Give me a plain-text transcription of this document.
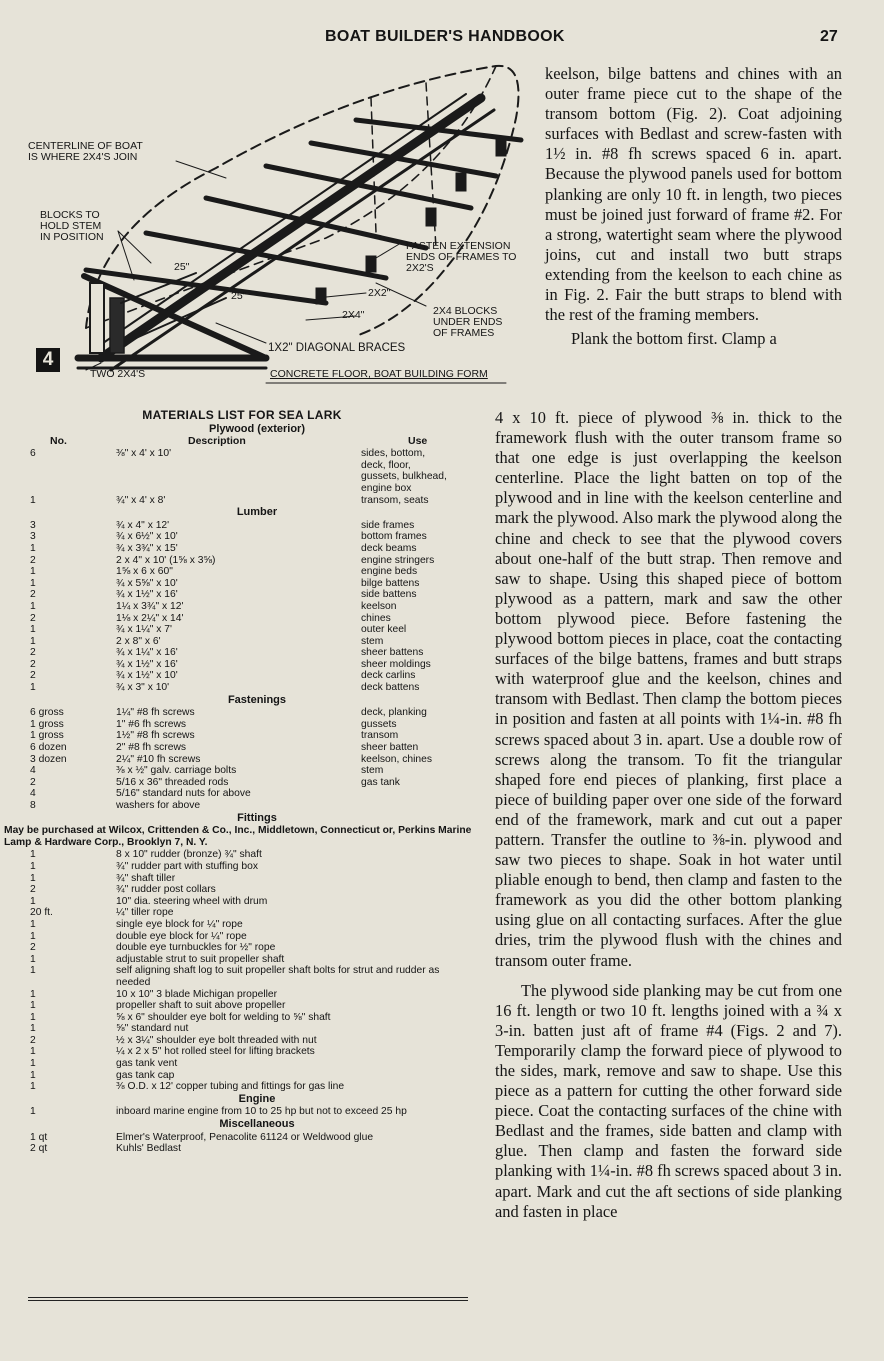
BOAT BUILDER'S HANDBOOK	27
CENTERLINE OF BOAT
IS WHERE 2X4'S JOIN
BLOCKS TO
HOLD STEM
IN POSITION
FASTEN EXTENSION
ENDS OF FRAMES TO
2X2'S
25"
25"	2X2"
2X4"	2X4 BLOCKS
UNDER ENDS
OF FRAMES
1X2" DIAGONAL BRACES
TWO 2X4'S	CONCRETE FLOOR, BOAT BUILDING FORM
4
MATERIALS LIST FOR SEA LARK
Plywood (exterior)
No.	Description	Use
6	⅜" x 4' x 10'	sides, bottom,
deck, floor,
gussets, bulkhead,
engine box
1	¾" x 4' x 8'	transom, seats
Lumber
3	¾ x 4" x 12'	side frames
3	¾ x 6½" x 10'	bottom frames
1	¾ x 3¾" x 15'	deck beams
2	2 x 4" x 10' (1⅝ x 3⅝)	engine stringers
1	1⅝ x 6 x 60"	engine beds
1	¾ x 5⅝" x 10'	bilge battens
2	¾ x 1½" x 16'	side battens
1	1¼ x 3¾" x 12'	keelson
2	1⅛ x 2¼" x 14'	chines
1	¾ x 1¼" x 7'	outer keel
1	2 x 8" x 6'	stem
2	¾ x 1¼" x 16'	sheer battens
2	¾ x 1½" x 16'	sheer moldings
2	¾ x 1½" x 10'	deck carlins
1	¾ x 3" x 10'	deck battens
Fastenings
6 gross	1¼" #8 fh screws	deck, planking
1 gross	1" #6 fh screws	gussets
1 gross	1½" #8 fh screws	transom
6 dozen	2" #8 fh screws	sheer batten
3 dozen	2¼" #10 fh screws	keelson, chines
4	⅜ x ½" galv. carriage bolts	stem
2	5/16 x 36" threaded rods	gas tank
4	5/16" standard nuts for above
8	washers for above
Fittings
May be purchased at Wilcox, Crittenden & Co., Inc., Middletown, Connecticut or, Perkins Marine Lamp & Hardware Corp., Brooklyn 7, N. Y.
1	8 x 10" rudder (bronze) ¾" shaft
1	¾" rudder part with stuffing box
1	¾" shaft tiller
2	¾" rudder post collars
1	10" dia. steering wheel with drum
20 ft.	¼" tiller rope
1	single eye block for ¼" rope
1	double eye block for ¼" rope
2	double eye turnbuckles for ½" rope
1	adjustable strut to suit propeller shaft
1	self aligning shaft log to suit propeller shaft bolts for strut and rudder as needed
1	10 x 10" 3 blade Michigan propeller
1	propeller shaft to suit above propeller
1	⅝ x 6" shoulder eye bolt for welding to ⅝" shaft
1	⅝" standard nut
2	½ x 3¼" shoulder eye bolt threaded with nut
1	¼ x 2 x 5" hot rolled steel for lifting brackets
1	gas tank vent
1	gas tank cap
1	⅜ O.D. x 12' copper tubing and fittings for gas line
Engine
1	inboard marine engine from 10 to 25 hp but not to exceed 25 hp
Miscellaneous
1 qt	Elmer's Waterproof, Penacolite 61124 or Weldwood glue
2 qt	Kuhls' Bedlast

keelson, bilge battens and chines with an outer frame piece cut to the shape of the transom bottom (Fig. 2). Coat adjoining surfaces with Bedlast and screw-fasten with 1½ in. #8 fh screws spaced 6 in. apart. Because the plywood panels used for bottom planking are only 10 ft. in length, two pieces must be joined just forward of frame #2. For a strong, watertight seam where the plywood joins, cut and install two butt straps extending from the keelson to each chine as in Fig. 2. Fair the butt straps to blend with the rest of the framing members.

Plank the bottom first. Clamp a

4 x 10 ft. piece of plywood ⅜ in. thick to the framework flush with the outer transom frame so that one edge is just overlapping the keelson centerline. Place the light batten on top of the plywood and in line with the keelson centerline and mark the plywood. Also mark the plywood along the chine and check to see that the plywood covers about one-half of the butt strap. Then remove and saw to shape. Using this shaped piece of bottom plywood as a pattern, mark and saw the other bottom plywood piece. Before fastening the plywood bottom pieces in place, coat the contacting surfaces of the bilge battens, frames and butt straps with waterproof glue and the keelson, chines and transom with Bedlast. Then clamp the bottom pieces in position and fasten at all points with 1¼-in. #8 fh screws spaced about 3 in. apart. Use a double row of screws along the transom. To fit the triangular shaped fore end pieces of planking, first place a piece of building paper over one side of the forward end of the framework, mark and cut out a paper pattern. Transfer the outline to ⅜-in. plywood and saw two pieces to shape. Soak in hot water until pliable enough to bend, then clamp and fasten to the framework as you did the other bottom planking using glue on all contacting surfaces. After the glue dries, trim the plywood flush with the chines and transom outer frame.

The plywood side planking may be cut from one 16 ft. length or two 10 ft. lengths joined with a ¾ x 3-in. batten just aft of frame #4 (Figs. 2 and 7). Temporarily clamp the forward piece of plywood to the sides, mark, remove and saw to shape. Use this piece as a pattern for cutting the other forward side piece. Coat the contacting surfaces of the chine with Bedlast and the frames, side batten and clamp with glue. Then clamp and fasten the forward side planking with 1¼-in. #8 fh screws spaced about 3 in. apart. Mark and cut the aft sections of side planking and fasten in place
